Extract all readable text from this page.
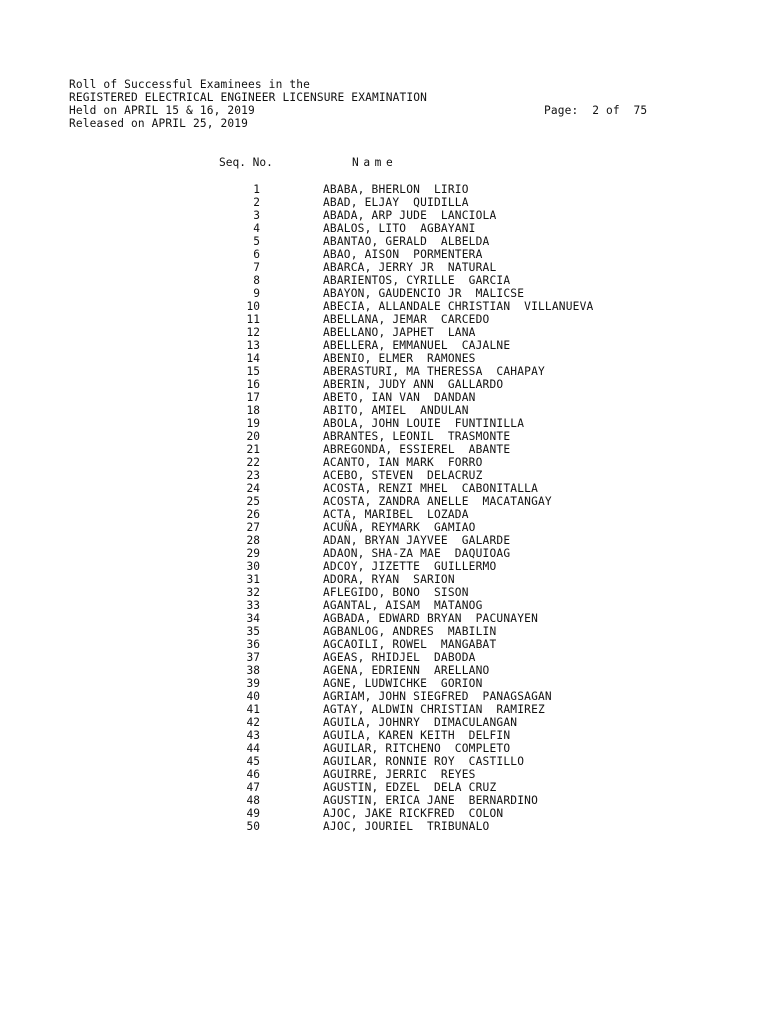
Roll of Successful Examinees in the
REGISTERED ELECTRICAL ENGINEER LICENSURE EXAMINATION
Held on APRIL 15 & 16, 2019
Released on APRIL 25, 2019
Page:  2 of  75
Seq. No.	Name
1	ABABA, BHERLON  LIRIO
2	ABAD, ELJAY  QUIDILLA
3	ABADA, ARP JUDE  LANCIOLA
4	ABALOS, LITO  AGBAYANI
5	ABANTAO, GERALD  ALBELDA
6	ABAO, AISON  PORMENTERA
7	ABARCA, JERRY JR  NATURAL
8	ABARIENTOS, CYRILLE  GARCIA
9	ABAYON, GAUDENCIO JR  MALICSE
10	ABECIA, ALLANDALE CHRISTIAN  VILLANUEVA
11	ABELLANA, JEMAR  CARCEDO
12	ABELLANO, JAPHET  LANA
13	ABELLERA, EMMANUEL  CAJALNE
14	ABENIO, ELMER  RAMONES
15	ABERASTURI, MA THERESSA  CAHAPAY
16	ABERIN, JUDY ANN  GALLARDO
17	ABETO, IAN VAN  DANDAN
18	ABITO, AMIEL  ANDULAN
19	ABOLA, JOHN LOUIE  FUNTINILLA
20	ABRANTES, LEONIL  TRASMONTE
21	ABREGONDA, ESSIEREL  ABANTE
22	ACANTO, IAN MARK  FORRO
23	ACEBO, STEVEN  DELACRUZ
24	ACOSTA, RENZI MHEL  CABONITALLA
25	ACOSTA, ZANDRA ANELLE  MACATANGAY
26	ACTA, MARIBEL  LOZADA
27	ACUÑA, REYMARK  GAMIAO
28	ADAN, BRYAN JAYVEE  GALARDE
29	ADAON, SHA-ZA MAE  DAQUIOAG
30	ADCOY, JIZETTE  GUILLERMO
31	ADORA, RYAN  SARION
32	AFLEGIDO, BONO  SISON
33	AGANTAL, AISAM  MATANOG
34	AGBADA, EDWARD BRYAN  PACUNAYEN
35	AGBANLOG, ANDRES  MABILIN
36	AGCAOILI, ROWEL  MANGABAT
37	AGEAS, RHIDJEL  DABODA
38	AGENA, EDRIENN  ARELLANO
39	AGNE, LUDWICHKE  GORION
40	AGRIAM, JOHN SIEGFRED  PANAGSAGAN
41	AGTAY, ALDWIN CHRISTIAN  RAMIREZ
42	AGUILA, JOHNRY  DIMACULANGAN
43	AGUILA, KAREN KEITH  DELFIN
44	AGUILAR, RITCHENO  COMPLETO
45	AGUILAR, RONNIE ROY  CASTILLO
46	AGUIRRE, JERRIC  REYES
47	AGUSTIN, EDZEL  DELA CRUZ
48	AGUSTIN, ERICA JANE  BERNARDINO
49	AJOC, JAKE RICKFRED  COLON
50	AJOC, JOURIEL  TRIBUNALO
